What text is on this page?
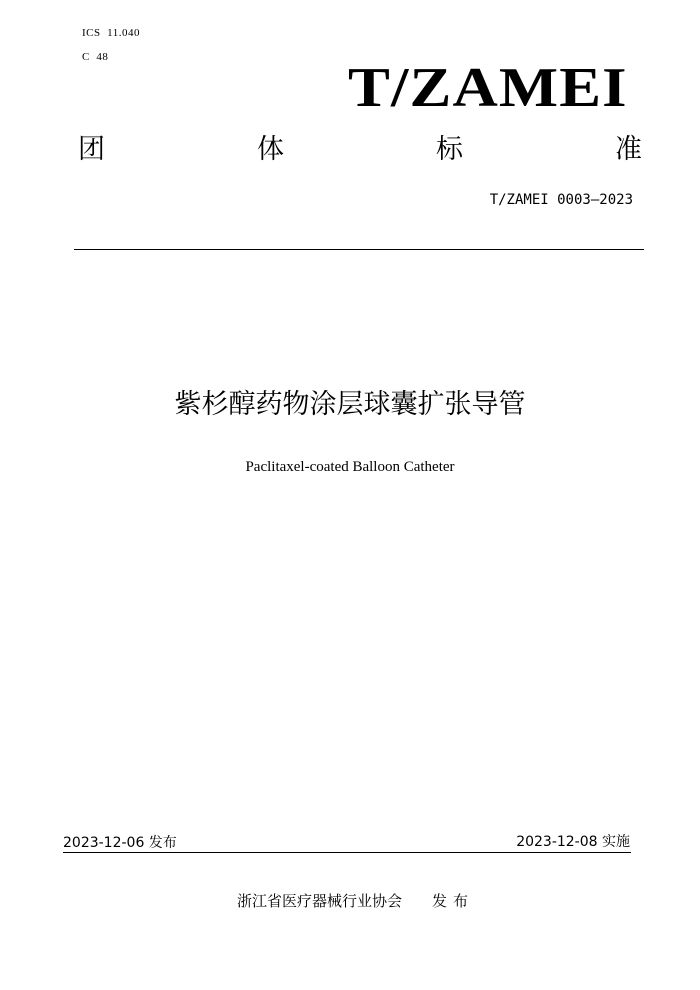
ICS  11.040
C  48	T/ZAMEI
团	体	标	准
T/ZAMEI 0003—2023
紫杉醇药物涂层球囊扩张导管
Paclitaxel-coated Balloon Catheter
2023-12-06 发布	2023-12-08 实施
浙江省医疗器械行业协会 发布
